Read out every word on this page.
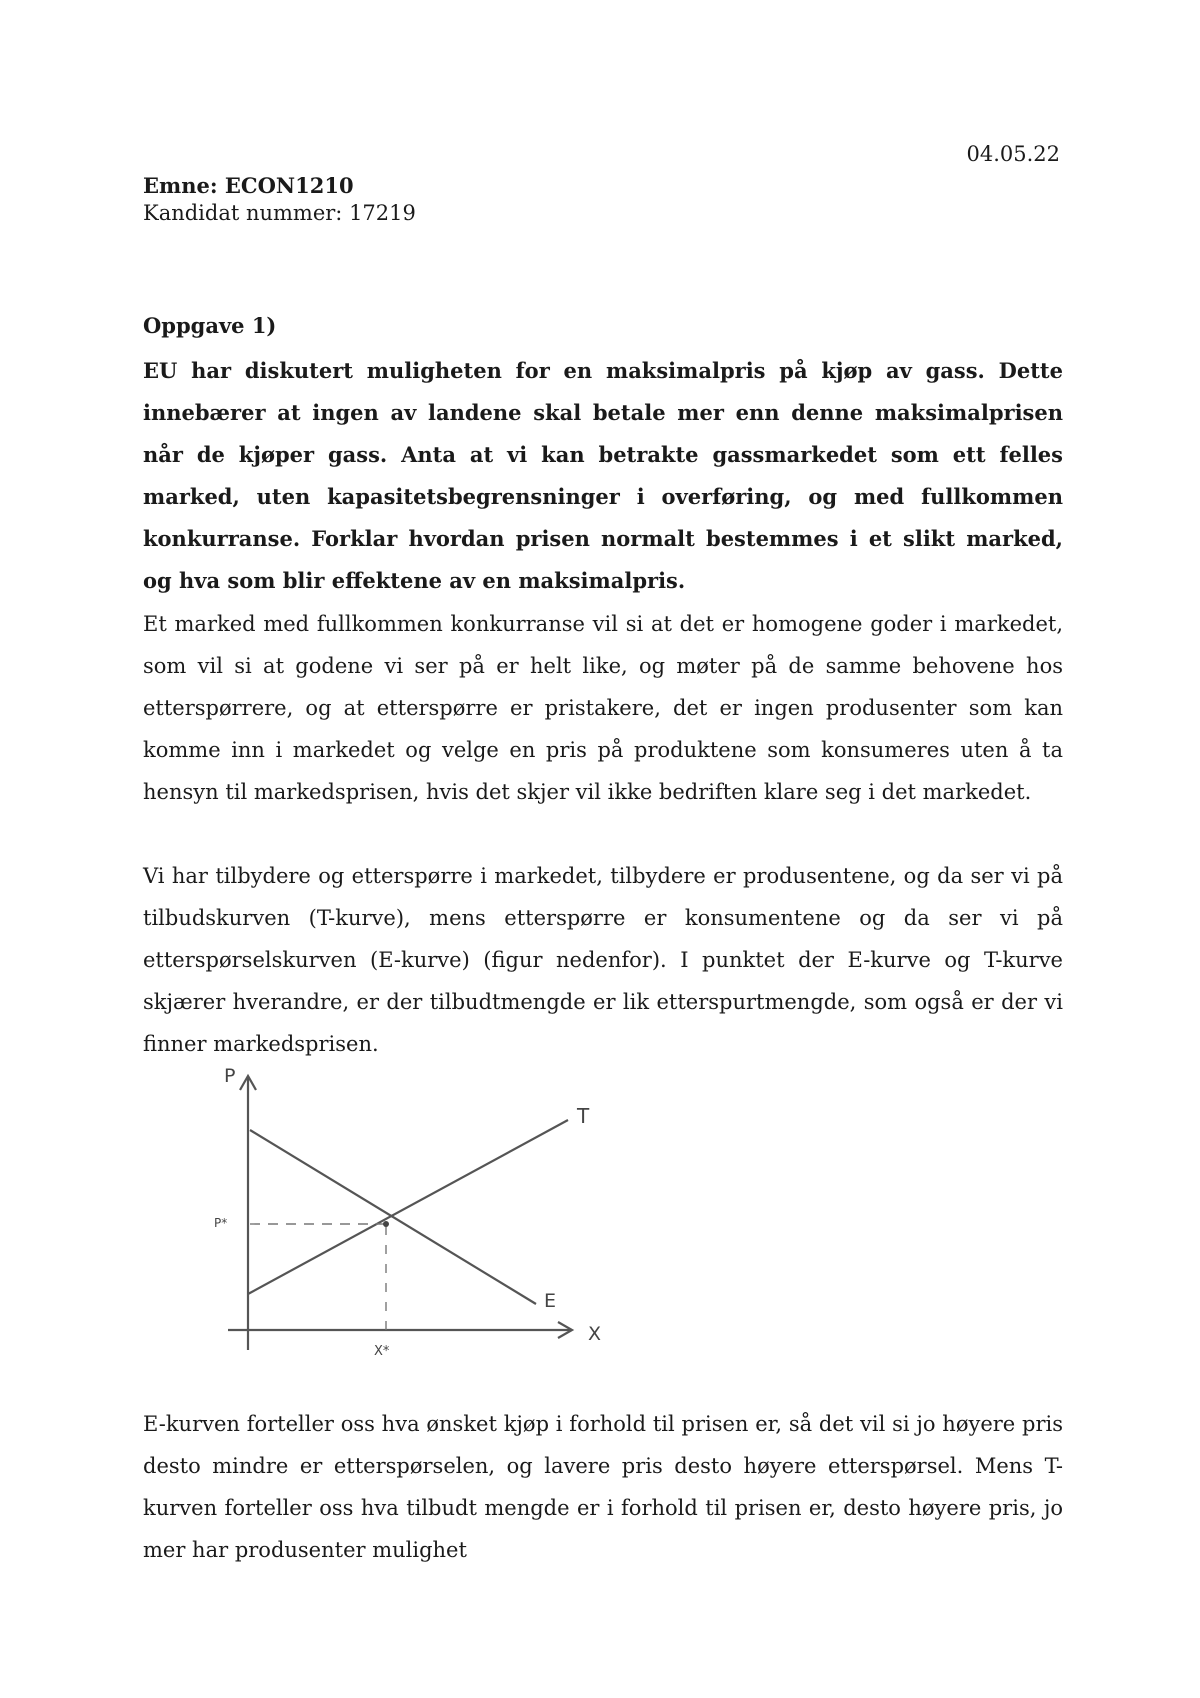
04.05.22
Emne: ECON1210
Kandidat nummer: 17219
Oppgave 1)

EU har diskutert muligheten for en maksimalpris på kjøp av gass. Dette innebærer at ingen av landene skal betale mer enn denne maksimalprisen når de kjøper gass. Anta at vi kan betrakte gassmarkedet som ett felles marked, uten kapasitetsbegrensninger i overføring, og med fullkommen konkurranse. Forklar hvordan prisen normalt bestemmes i et slikt marked, og hva som blir effektene av en maksimalpris.

Et marked med fullkommen konkurranse vil si at det er homogene goder i markedet, som vil si at godene vi ser på er helt like, og møter på de samme behovene hos etterspørrere, og at etterspørre er pristakere, det er ingen produsenter som kan komme inn i markedet og velge en pris på produktene som konsumeres uten å ta hensyn til markedsprisen, hvis det skjer vil ikke bedriften klare seg i det markedet.

Vi har tilbydere og etterspørre i markedet, tilbydere er produsentene, og da ser vi på tilbudskurven (T-kurve), mens etterspørre er konsumentene og da ser vi på etterspørselskurven (E-kurve) (figur nedenfor). I punktet der E-kurve og T-kurve skjærer hverandre, er der tilbudtmengde er lik etterspurtmengde, som også er der vi finner markedsprisen.

P
X
P*
X*
T
E

E-kurven forteller oss hva ønsket kjøp i forhold til prisen er, så det vil si jo høyere pris desto mindre er etterspørselen, og lavere pris desto høyere etterspørsel. Mens T-kurven forteller oss hva tilbudt mengde er i forhold til prisen er, desto høyere pris, jo mer har produsenter mulighet
